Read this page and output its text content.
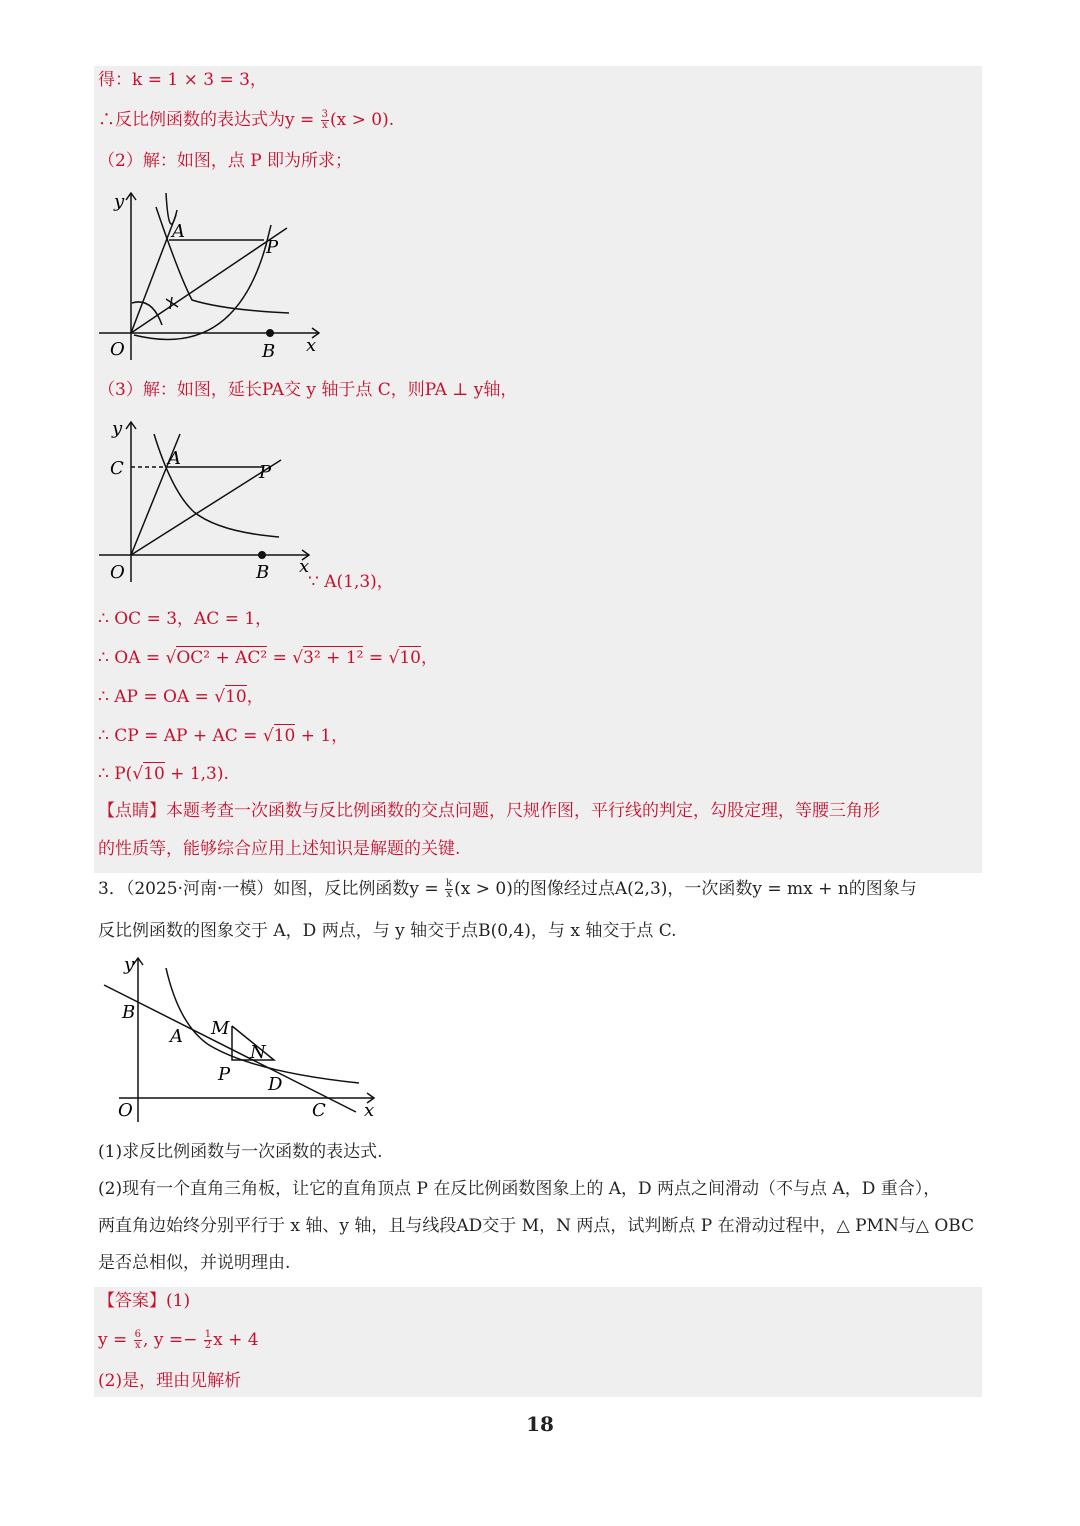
得：k = 1 × 3 = 3，
∴反比例函数的表达式为$y = \frac{3}{x} (x > 0)$.
（2）解：如图，点 P 即为所求；
y
A
P
O	B x
（3）解：如图，延长PA交 y 轴于点 C，则PA ⊥ y轴，
y
C A
P
O	B x
∵ A(1,3)，
∴ OC = 3，AC = 1，
∴ OA = √OC² + AC² = √3² + 1² = √10，
∴ AP = OA = √10，
∴ CP = AP + AC = √10 + 1，
∴ P(√10 + 1,3).
【点睛】本题考查一次函数与反比例函数的交点问题，尺规作图，平行线的判定，勾股定理，等腰三角形
的性质等，能够综合应用上述知识是解题的关键.
3．（2025·河南·一模）如图，反比例函数$y = \frac{k}{x} (x > 0)$的图像经过点A(2,3)，一次函数y = mx + n的图象与
反比例函数的图象交于 A，D 两点，与 y 轴交于点B(0,4)，与 x 轴交于点 C.
y
B
A M
N
P D
O	C x
(1)求反比例函数与一次函数的表达式.
(2)现有一个直角三角板，让它的直角顶点 P 在反比例函数图象上的 A，D 两点之间滑动（不与点 A，D 重合），
两直角边始终分别平行于 x 轴、y 轴，且与线段AD交于 M，N 两点，试判断点 P 在滑动过程中，△ PMN与△ OBC
是否总相似，并说明理由.
【答案】(1)
$y = \frac{6}{x}$ , $y =- \frac{1}{2}$ x + 4
(2)是，理由见解析
18
